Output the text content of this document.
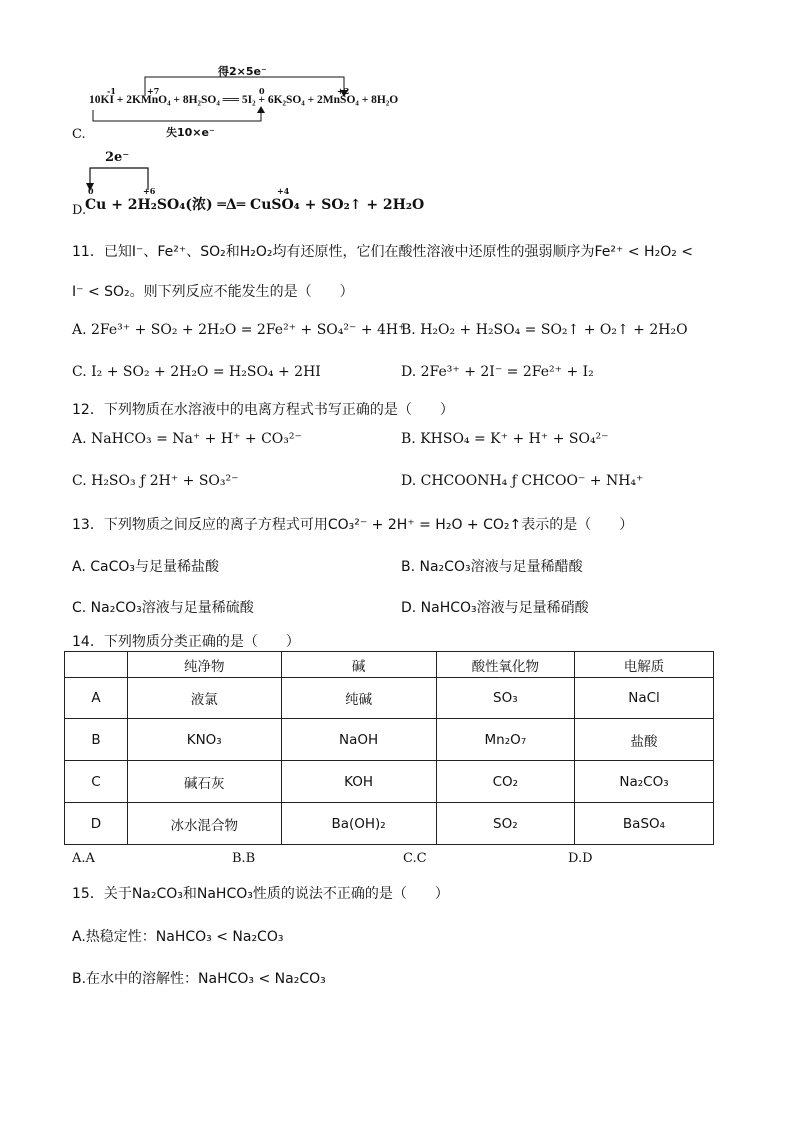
得2×5e⁻
失10×e⁻
-1	+7	0	+2
10KI + 2KMnO₄ + 8H₂SO₄ ══ 5I₂ + 6K₂SO₄ + 2MnSO₄ + 8H₂O
C.
2e⁻
0	+6	+4
Cu + 2H₂SO₄(浓) ═Δ═ CuSO₄ + SO₂↑ + 2H₂O
D.
11．已知I⁻、Fe²⁺、SO₂和H₂O₂均有还原性，它们在酸性溶液中还原性的强弱顺序为Fe²⁺ < H₂O₂ <
I⁻ < SO₂。则下列反应不能发生的是（　　）
A. 2Fe³⁺ + SO₂ + 2H₂O = 2Fe²⁺ + SO₄²⁻ + 4H⁺
B. H₂O₂ + H₂SO₄ = SO₂↑ + O₂↑ + 2H₂O
C. I₂ + SO₂ + 2H₂O = H₂SO₄ + 2HI	D. 2Fe³⁺ + 2I⁻ = 2Fe²⁺ + I₂
12．下列物质在水溶液中的电离方程式书写正确的是（　　）
A. NaHCO₃ = Na⁺ + H⁺ + CO₃²⁻	B. KHSO₄ = K⁺ + H⁺ + SO₄²⁻
C. H₂SO₃ ƒ 2H⁺ + SO₃²⁻	D. CHCOONH₄ ƒ CHCOO⁻ + NH₄⁺
13．下列物质之间反应的离子方程式可用CO₃²⁻ + 2H⁺ = H₂O + CO₂↑表示的是（　　）
A. CaCO₃与足量稀盐酸	B. Na₂CO₃溶液与足量稀醋酸
C. Na₂CO₃溶液与足量稀硫酸	D. NaHCO₃溶液与足量稀硝酸
14．下列物质分类正确的是（　　）
	纯净物	碱	酸性氧化物	电解质
A	液氯	纯碱	SO₃	NaCl
B	KNO₃	NaOH	Mn₂O₇	盐酸
C	碱石灰	KOH	CO₂	Na₂CO₃
D	冰水混合物	Ba(OH)₂	SO₂	BaSO₄
A.A	B.B	C.C	D.D
15．关于Na₂CO₃和NaHCO₃性质的说法不正确的是（　　）
A.热稳定性：NaHCO₃ < Na₂CO₃
B.在水中的溶解性：NaHCO₃ < Na₂CO₃
